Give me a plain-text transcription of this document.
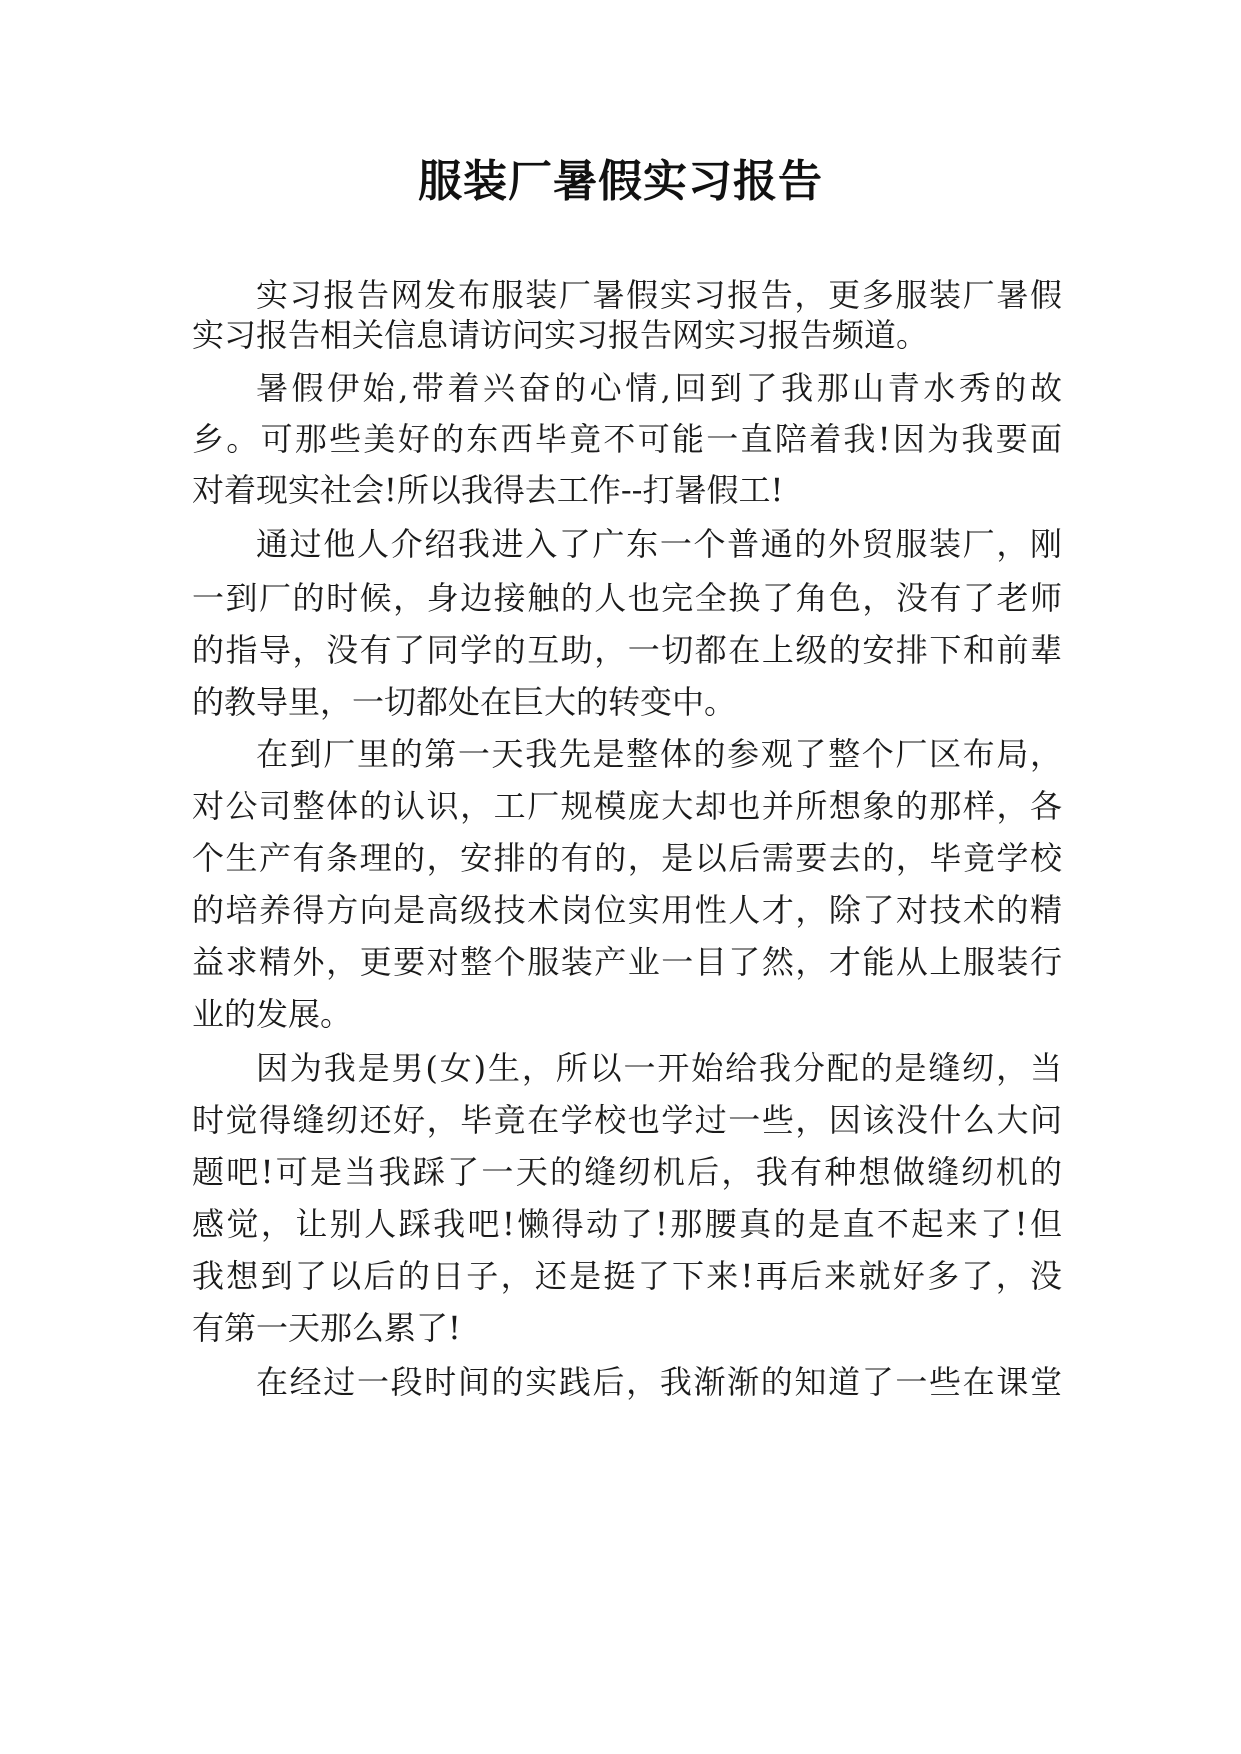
服装厂暑假实习报告
实习报告网发布服装厂暑假实习报告，更多服装厂暑假
实习报告相关信息请访问实习报告网实习报告频道。
暑假伊始,带着兴奋的心情,回到了我那山青水秀的故
乡。可那些美好的东西毕竟不可能一直陪着我!因为我要面
对着现实社会!所以我得去工作--打暑假工!
通过他人介绍我进入了广东一个普通的外贸服装厂，刚
一到厂的时候，身边接触的人也完全换了角色，没有了老师
的指导，没有了同学的互助，一切都在上级的安排下和前辈
的教导里，一切都处在巨大的转变中。
在到厂里的第一天我先是整体的参观了整个厂区布局，
对公司整体的认识，工厂规模庞大却也并所想象的那样，各
个生产有条理的，安排的有的，是以后需要去的，毕竟学校
的培养得方向是高级技术岗位实用性人才，除了对技术的精
益求精外，更要对整个服装产业一目了然，才能从上服装行
业的发展。
因为我是男(女)生，所以一开始给我分配的是缝纫，当
时觉得缝纫还好，毕竟在学校也学过一些，因该没什么大问
题吧!可是当我踩了一天的缝纫机后，我有种想做缝纫机的
感觉，让别人踩我吧!懒得动了!那腰真的是直不起来了!但
我想到了以后的日子，还是挺了下来!再后来就好多了，没
有第一天那么累了!
在经过一段时间的实践后，我渐渐的知道了一些在课堂
